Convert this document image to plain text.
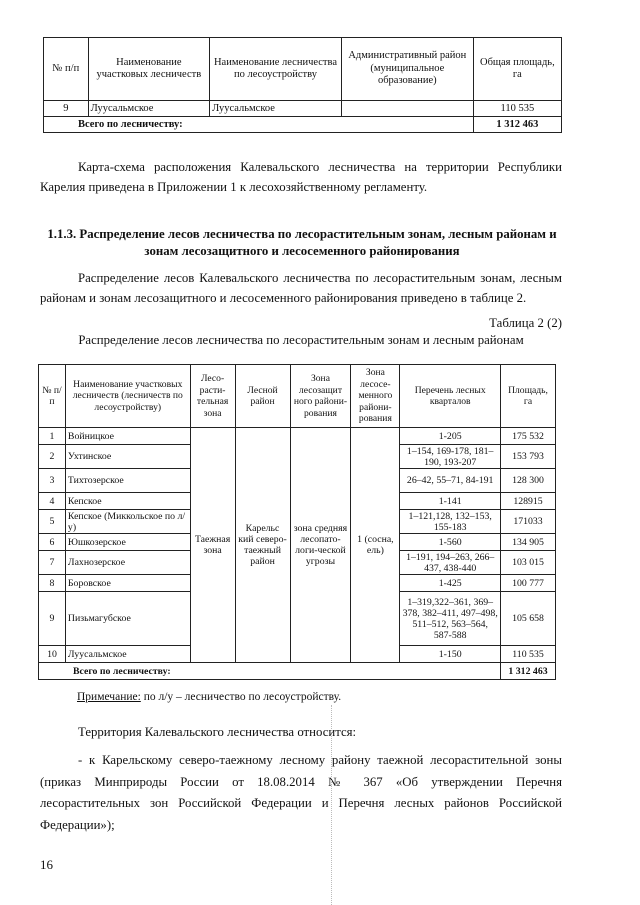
№ п/п	Наименование участковых лесничеств	Наименование лесничества по лесоустройству	Административный район (муниципальное образование)	Общая площадь, га
9	Луусальмское	Луусальмское		110 535
Всего по лесничеству:				1 312 463
Карта-схема расположения Калевальского лесничества на территории Республики Карелия приведена в Приложении 1 к лесохозяйственному регламенту.
1.1.3. Распределение лесов лесничества по лесорастительным зонам, лесным районам и зонам лесозащитного и лесосеменного районирования
Распределение лесов Калевальского лесничества по лесорастительным зонам, лесным районам и зонам лесозащитного и лесосеменного районирования приведено в таблице 2.
Таблица 2 (2)
Распределение лесов лесничества по лесорастительным зонам и лесным районам
№ п/п	Наименование участковых лесничеств (лесничеств по лесоустройству)	Лесо-расти-тельная зона	Лесной район	Зона лесозащит ного райони-рования	Зона лесосе-менного райони-рования	Перечень лесных кварталов	Площадь, га
1	Войницкое	Таежная зона	Карельс кий северо-таежный район	зона средняя лесопато-логи-ческой угрозы	1 (сосна, ель)	1-205	175 532
2	Ухтинское					1–154, 169-178, 181–190, 193-207	153 793
3	Тихтозерское					26–42, 55–71, 84-191	128 300
4	Кепское					1-141	128915
5	Кепское (Миккольское по л/у)					1–121,128, 132–153, 155-183	171033
6	Юшкозерское					1-560	134 905
7	Лахнозерское					1–191, 194–263, 266–437, 438-440	103 015
8	Боровское					1-425	100 777
9	Пизьмагубское					1–319,322–361, 369–378, 382–411, 497–498, 511–512, 563–564, 587-588	105 658
10	Луусальмское					1-150	110 535
Всего по лесничеству:							1 312 463
Примечание: по л/у – лесничество по лесоустройству.
Территория Калевальского лесничества относится:
- к Карельскому северо-таежному лесному району таежной лесорастительной зоны (приказ Минприроды России от 18.08.2014 № 367 «Об утверждении Перечня лесорастительных зон Российской Федерации и Перечня лесных районов Российской Федерации»);
16
